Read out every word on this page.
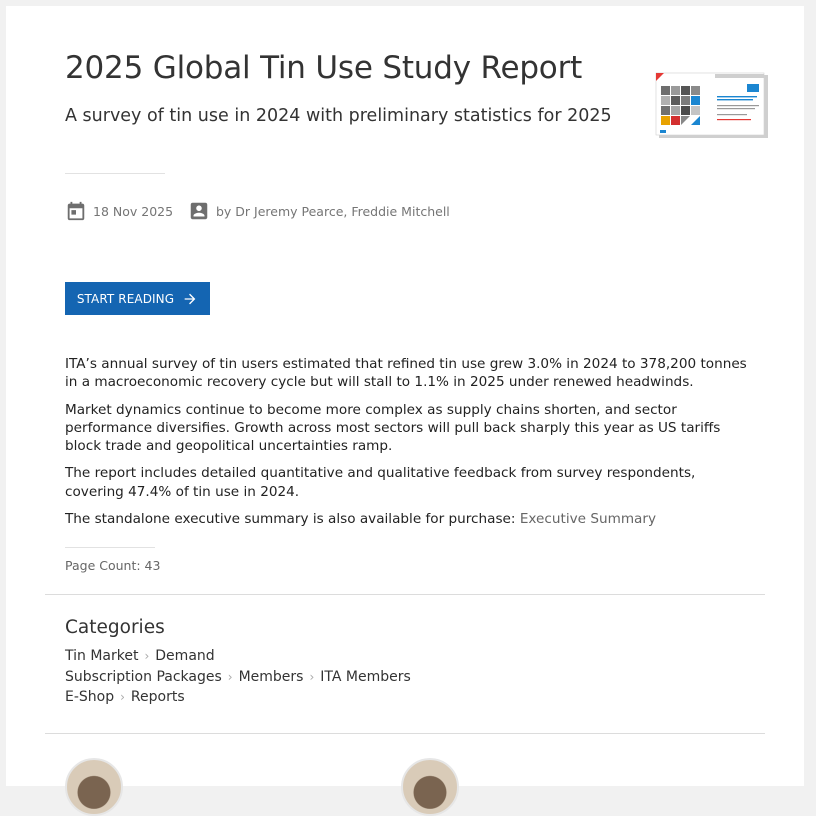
2025 Global Tin Use Study Report

A survey of tin use in 2024 with preliminary statistics for 2025

18 Nov 2025	by Dr Jeremy Pearce, Freddie Mitchell
START READING

ITA’s annual survey of tin users estimated that refined tin use grew 3.0% in 2024 to 378,200 tonnes in a macroeconomic recovery cycle but will stall to 1.1% in 2025 under renewed headwinds.

Market dynamics continue to become more complex as supply chains shorten, and sector performance diversifies. Growth across most sectors will pull back sharply this year as US tariffs block trade and geopolitical uncertainties ramp.

The report includes detailed quantitative and qualitative feedback from survey respondents, covering 47.4% of tin use in 2024.

The standalone executive summary is also available for purchase: Executive Summary

Page Count: 43
Categories
Tin Market › Demand
Subscription Packages › Members › ITA Members
E-Shop › Reports
